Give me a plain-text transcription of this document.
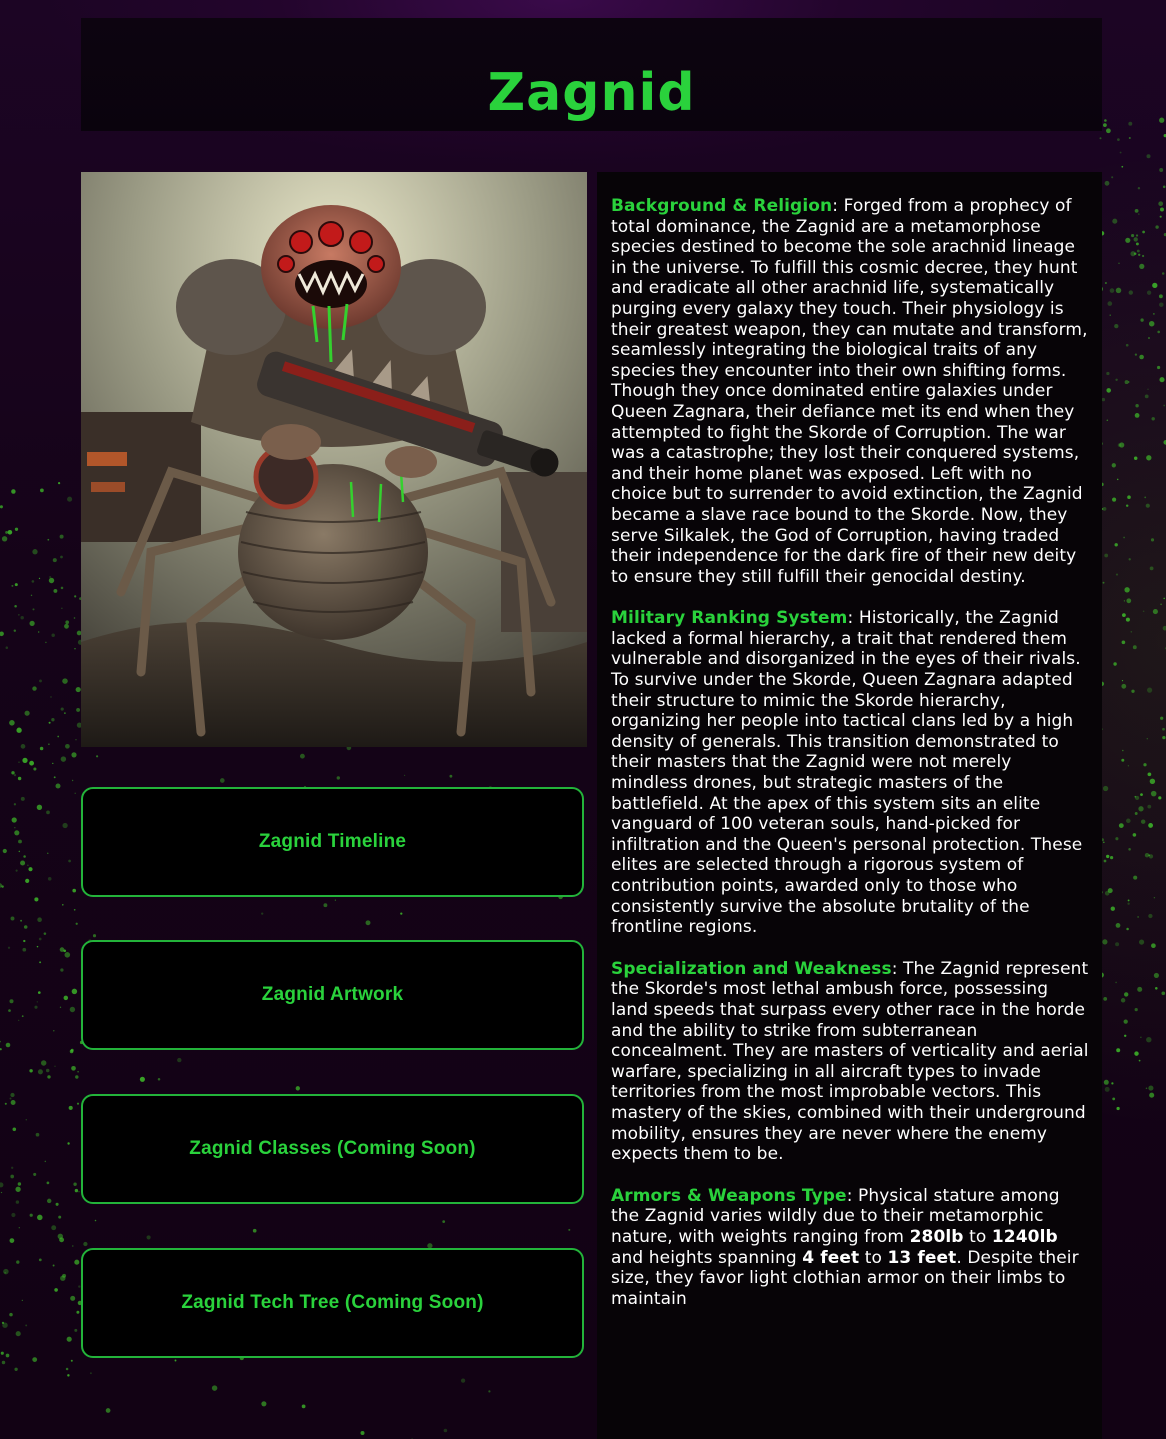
Zagnid
Zagnid Timeline
Zagnid Artwork
Zagnid Classes (Coming Soon)
Zagnid Tech Tree (Coming Soon)

Background & Religion: Forged from a prophecy of total dominance, the Zagnid are a metamorphose species destined to become the sole arachnid lineage in the universe. To fulfill this cosmic decree, they hunt and eradicate all other arachnid life, systematically purging every galaxy they touch. Their physiology is their greatest weapon, they can mutate and transform, seamlessly integrating the biological traits of any species they encounter into their own shifting forms. Though they once dominated entire galaxies under Queen Zagnara, their defiance met its end when they attempted to fight the Skorde of Corruption. The war was a catastrophe; they lost their conquered systems, and their home planet was exposed. Left with no choice but to surrender to avoid extinction, the Zagnid became a slave race bound to the Skorde. Now, they serve Silkalek, the God of Corruption, having traded their independence for the dark fire of their new deity to ensure they still fulfill their genocidal destiny.

Military Ranking System: Historically, the Zagnid lacked a formal hierarchy, a trait that rendered them vulnerable and disorganized in the eyes of their rivals. To survive under the Skorde, Queen Zagnara adapted their structure to mimic the Skorde hierarchy, organizing her people into tactical clans led by a high density of generals. This transition demonstrated to their masters that the Zagnid were not merely mindless drones, but strategic masters of the battlefield. At the apex of this system sits an elite vanguard of 100 veteran souls, hand-picked for infiltration and the Queen's personal protection. These elites are selected through a rigorous system of contribution points, awarded only to those who consistently survive the absolute brutality of the frontline regions.

Specialization and Weakness: The Zagnid represent the Skorde's most lethal ambush force, possessing land speeds that surpass every other race in the horde and the ability to strike from subterranean concealment. They are masters of verticality and aerial warfare, specializing in all aircraft types to invade territories from the most improbable vectors. This mastery of the skies, combined with their underground mobility, ensures they are never where the enemy expects them to be.

Armors & Weapons Type: Physical stature among the Zagnid varies wildly due to their metamorphic nature, with weights ranging from 280lb to 1240lb and heights spanning 4 feet to 13 feet. Despite their size, they favor light clothian armor on their limbs to maintain
